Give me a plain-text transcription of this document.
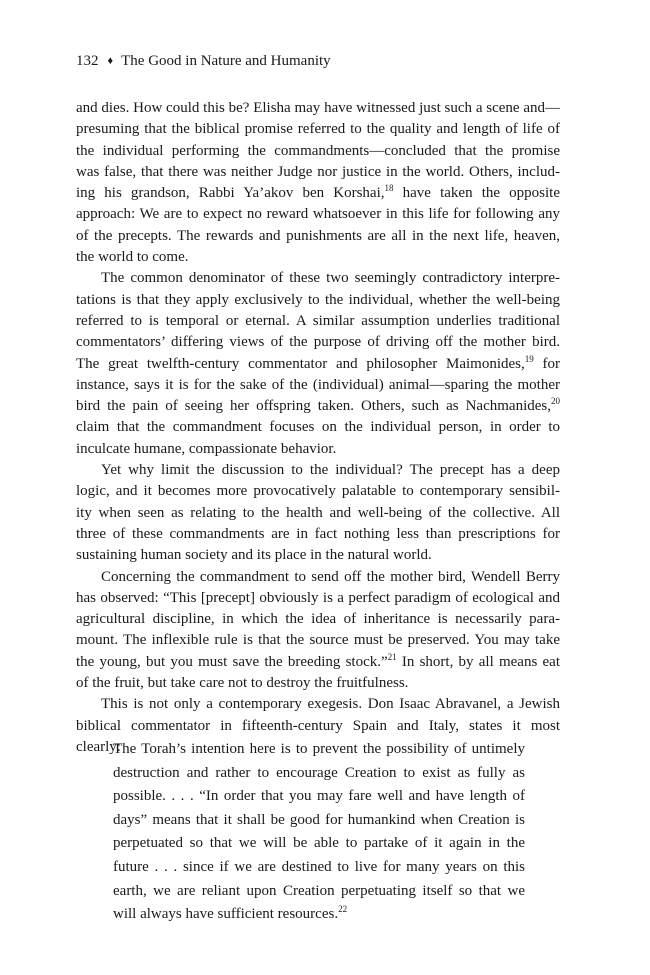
132 ♦ The Good in Nature and Humanity
and dies. How could this be? Elisha may have witnessed just such a scene and—
presuming that the biblical promise referred to the quality and length of life of
the individual performing the commandments—concluded that the promise
was false, that there was neither Judge nor justice in the world. Others, includ-
ing his grandson, Rabbi Ya’akov ben Korshai,$^{18}$ have taken the opposite
approach: We are to expect no reward whatsoever in this life for following any
of the precepts. The rewards and punishments are all in the next life, heaven,
the world to come.
The common denominator of these two seemingly contradictory interpre-
tations is that they apply exclusively to the individual, whether the well-being
referred to is temporal or eternal. A similar assumption underlies traditional
commentators’ differing views of the purpose of driving off the mother bird.
The great twelfth-century commentator and philosopher Maimonides,$^{19}$ for
instance, says it is for the sake of the (individual) animal—sparing the mother
bird the pain of seeing her offspring taken. Others, such as Nachmanides,$^{20}$
claim that the commandment focuses on the individual person, in order to
inculcate humane, compassionate behavior.
Yet why limit the discussion to the individual? The precept has a deep
logic, and it becomes more provocatively palatable to contemporary sensibil-
ity when seen as relating to the health and well-being of the collective. All
three of these commandments are in fact nothing less than prescriptions for
sustaining human society and its place in the natural world.
Concerning the commandment to send off the mother bird, Wendell Berry
has observed: “This [precept] obviously is a perfect paradigm of ecological and
agricultural discipline, in which the idea of inheritance is necessarily para-
mount. The inflexible rule is that the source must be preserved. You may take
the young, but you must save the breeding stock.”$^{21}$ In short, by all means eat
of the fruit, but take care not to destroy the fruitfulness.
This is not only a contemporary exegesis. Don Isaac Abravanel, a Jewish
biblical commentator in fifteenth-century Spain and Italy, states it most
clearly:
The Torah’s intention here is to prevent the possibility of untimely
destruction and rather to encourage Creation to exist as fully as
possible. . . . “In order that you may fare well and have length of
days” means that it shall be good for humankind when Creation is
perpetuated so that we will be able to partake of it again in the
future . . . since if we are destined to live for many years on this
earth, we are reliant upon Creation perpetuating itself so that we
will always have sufficient resources.$^{22}$
